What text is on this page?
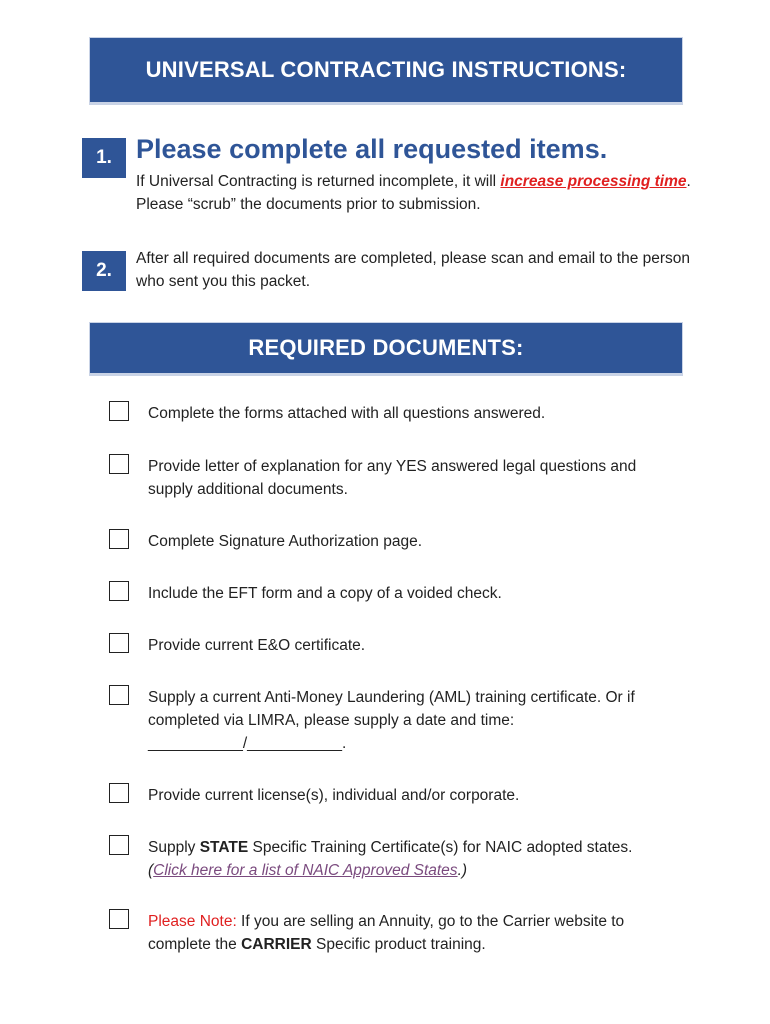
UNIVERSAL CONTRACTING INSTRUCTIONS:
1. Please complete all requested items.
If Universal Contracting is returned incomplete, it will increase processing time. Please “scrub” the documents prior to submission.
2.
After all required documents are completed, please scan and email to the person who sent you this packet.
REQUIRED DOCUMENTS:
Complete the forms attached with all questions answered.
Provide letter of explanation for any YES answered legal questions and supply additional documents.
Complete Signature Authorization page.
Include the EFT form and a copy of a voided check.
Provide current E&O certificate.
Supply a current Anti-Money Laundering (AML) training certificate. Or if completed via LIMRA, please supply a date and time: ___________/___________.
Provide current license(s), individual and/or corporate.
Supply STATE Specific Training Certificate(s) for NAIC adopted states. (Click here for a list of NAIC Approved States.)
Please Note: If you are selling an Annuity, go to the Carrier website to complete the CARRIER Specific product training.
